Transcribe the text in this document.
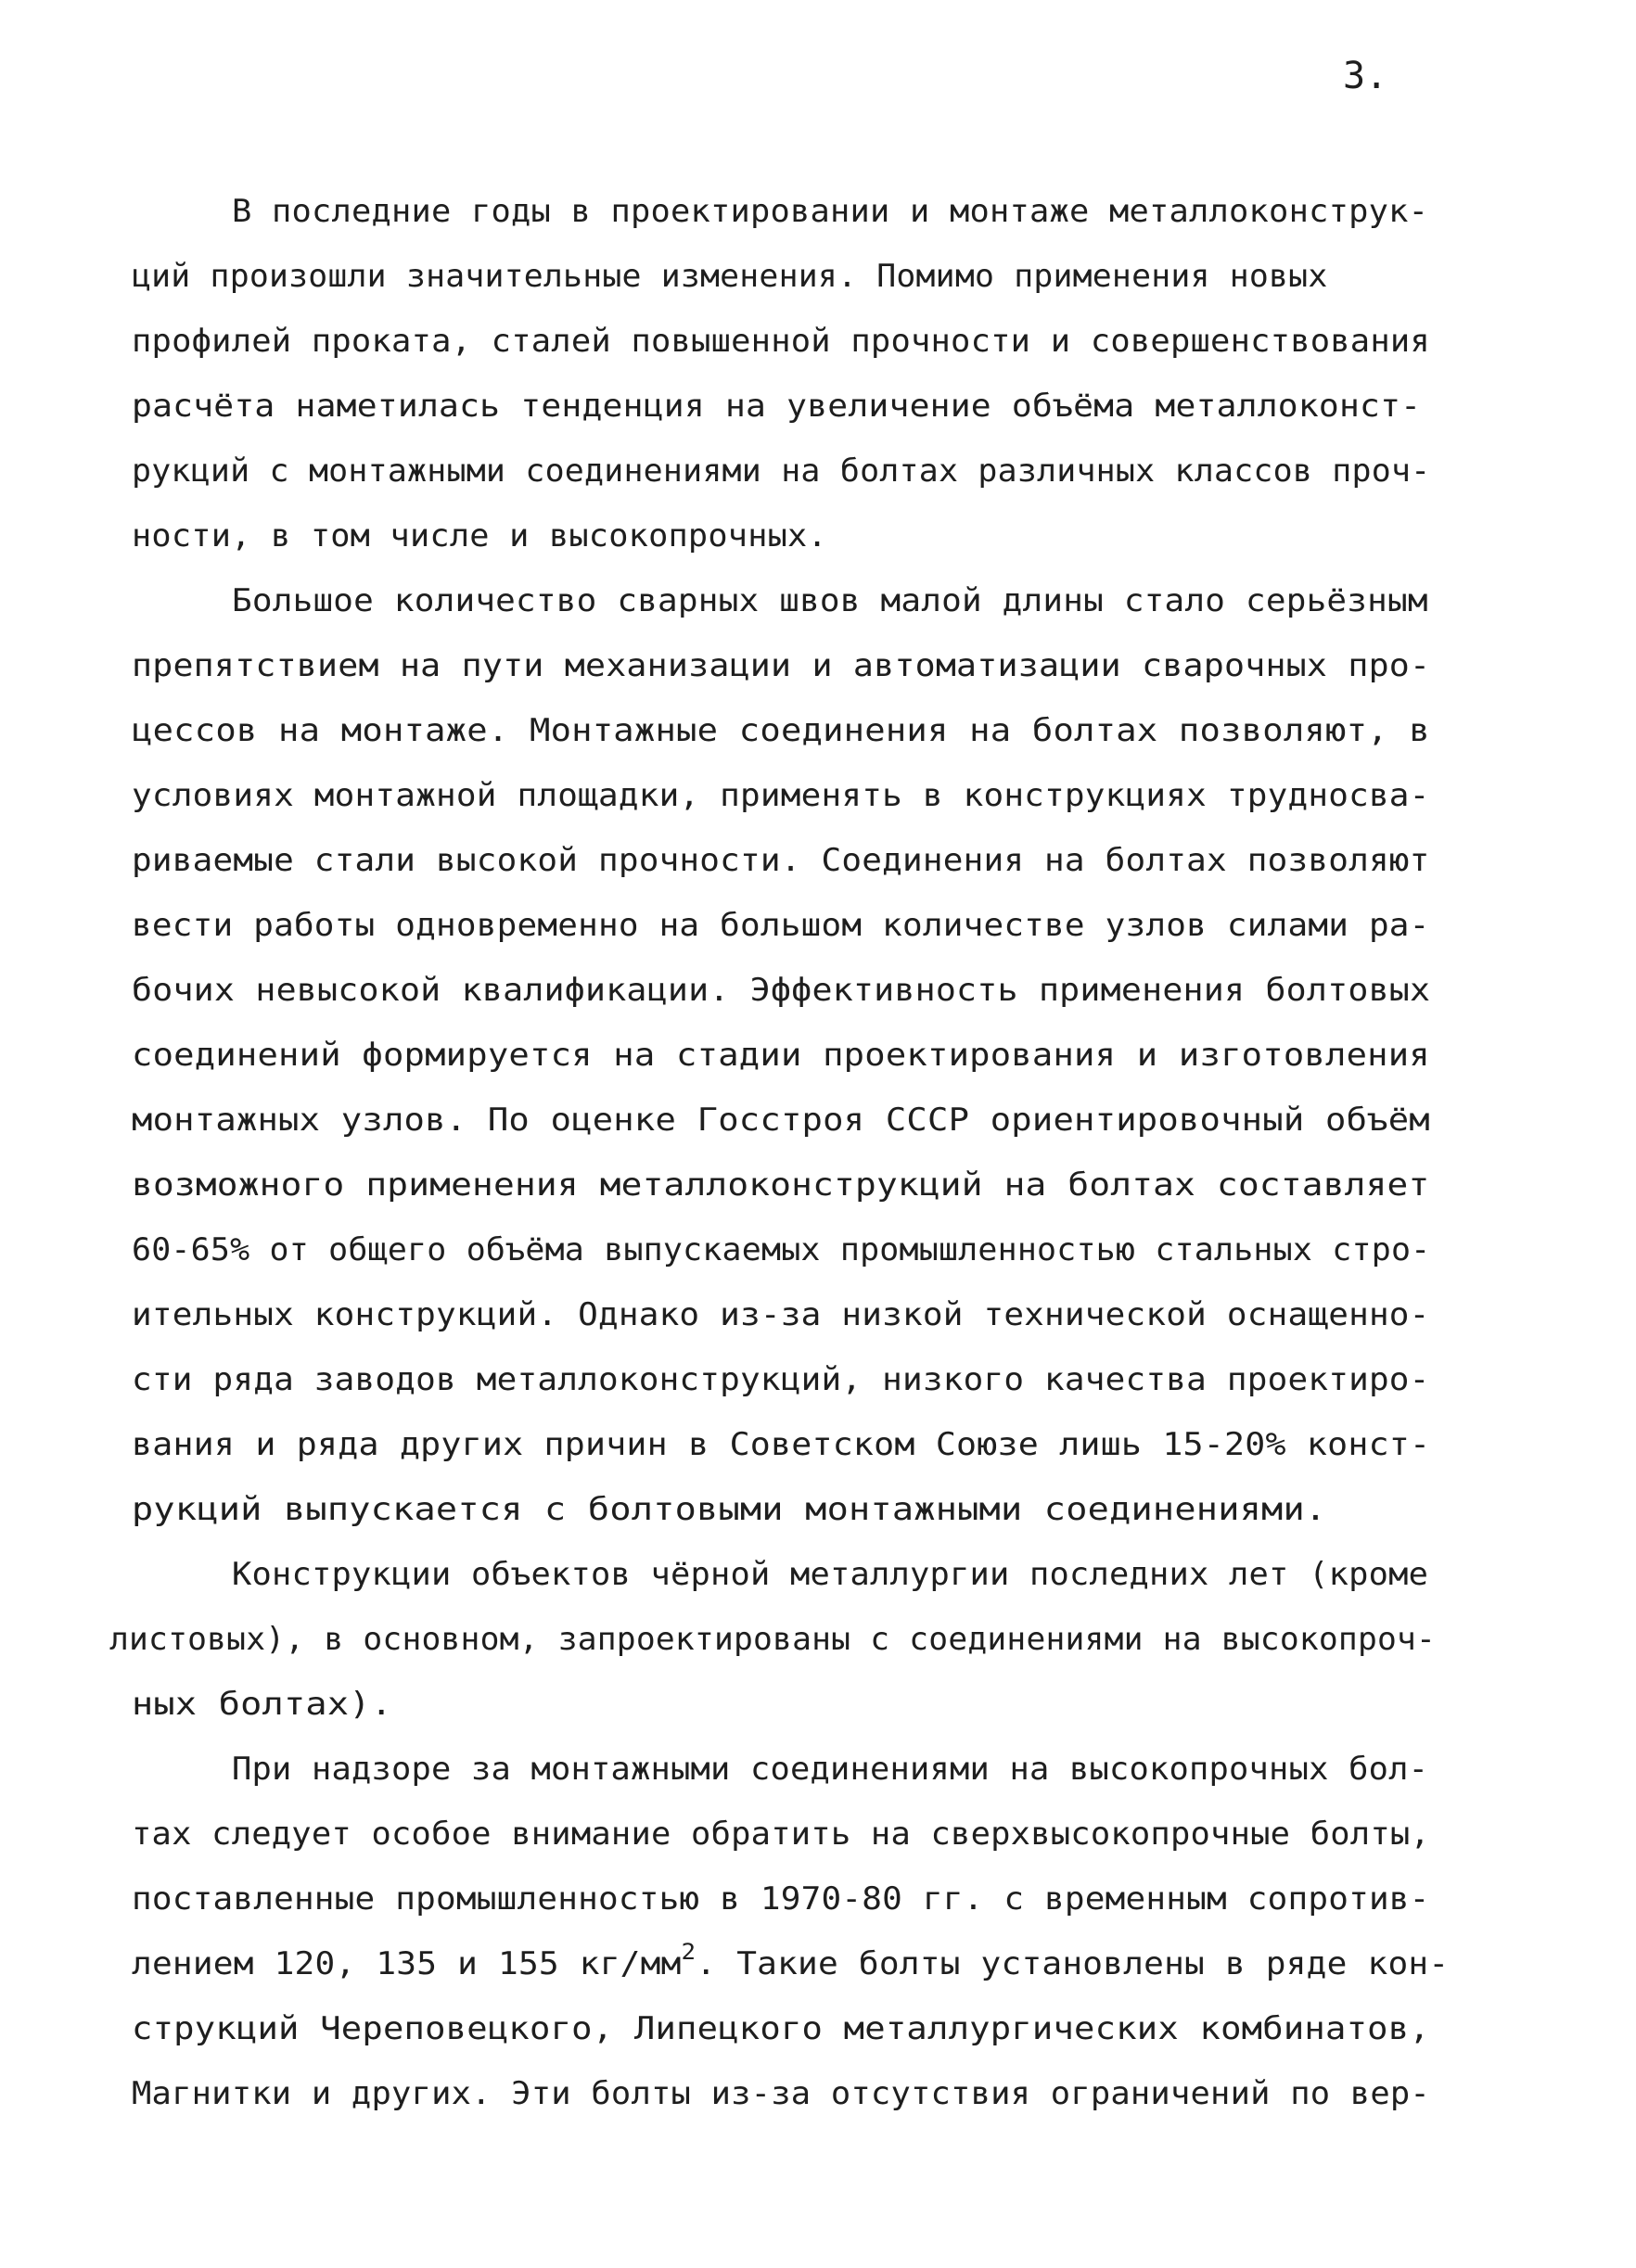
3.
В последние годы в проектировании и монтаже металлоконструк-
ций произошли значительные изменения. Помимо применения новых
профилей проката, сталей повышенной прочности и совершенствования
расчёта наметилась тенденция на увеличение объёма металлоконст-
рукций с монтажными соединениями на болтах различных классов проч-
ности, в том числе и высокопрочных.
Большое количество сварных швов малой длины стало серьёзным
препятствием на пути механизации и автоматизации сварочных про-
цессов на монтаже. Монтажные соединения на болтах позволяют, в
условиях монтажной площадки, применять в конструкциях трудносва-
риваемые стали высокой прочности. Соединения на болтах позволяют
вести работы одновременно на большом количестве узлов силами ра-
бочих невысокой квалификации. Эффективность применения болтовых
соединений формируется на стадии проектирования и изготовления
монтажных узлов. По оценке Госстроя СССР ориентировочный объём
возможного применения металлоконструкций на болтах составляет
60-65% от общего объёма выпускаемых промышленностью стальных стро-
ительных конструкций. Однако из-за низкой технической оснащенно-
сти ряда заводов металлоконструкций, низкого качества проектиро-
вания и ряда других причин в Советском Союзе лишь 15-20% конст-
рукций выпускается с болтовыми монтажными соединениями.
Конструкции объектов чёрной металлургии последних лет (кроме
листовых), в основном, запроектированы с соединениями на высокопроч-
ных болтах).
При надзоре за монтажными соединениями на высокопрочных бол-
тах следует особое внимание обратить на сверхвысокопрочные болты,
поставленные промышленностью в 1970-80 гг. с временным сопротив-
лением 120, 135 и 155 $кг/мм^2$. Такие болты установлены в ряде кон-
струкций Череповецкого, Липецкого металлургических комбинатов,
Магнитки и других. Эти болты из-за отсутствия ограничений по вер-
